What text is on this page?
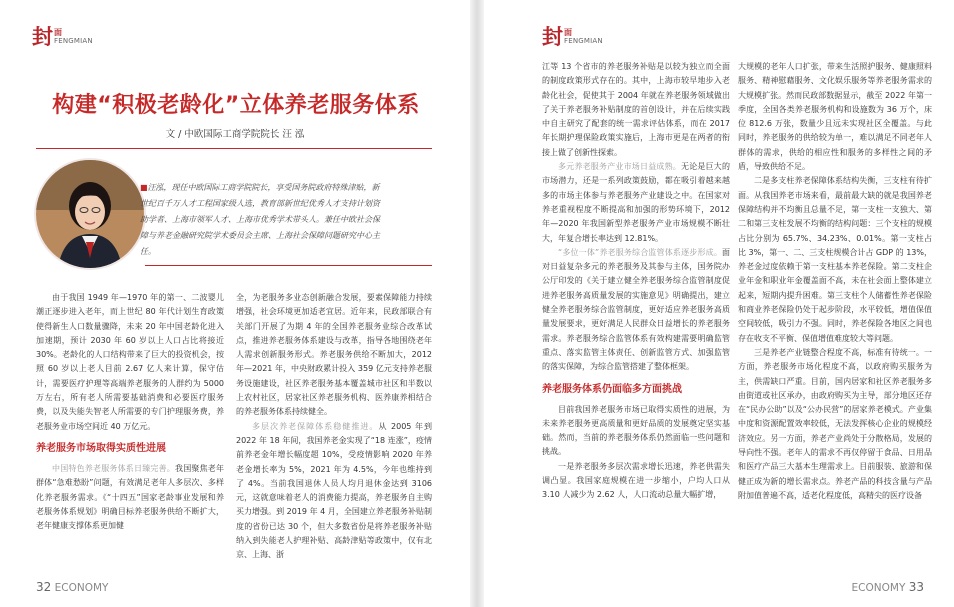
封 面
FENGMIAN
构建“积极老龄化”立体养老服务体系
文 / 中欧国际工商学院院长 汪 泓
■汪泓，现任中欧国际工商学院院长，享受国务院政府特殊津贴，新世纪百千万人才工程国家级人选，教育部新世纪优秀人才支持计划资助学者、上海市领军人才、上海市优秀学术带头人。兼任中欧社会保障与养老金融研究院学术委员会主席、上海社会保障问题研究中心主任。

由于我国 1949 年—1970 年的第一、二波婴儿潮正逐步进入老年，而上世纪 80 年代计划生育政策使得新生人口数量骤降，未来 20 年中国老龄化进入加速期，预计 2030 年 60 岁以上人口占比将接近 30%。老龄化的人口结构带来了巨大的投资机会，按照 60 岁以上老人目前 2.67 亿人来计算，保守估计，需要医疗护理等高端养老服务的人群约为 5000 万左右，所有老人所需要基础消费和必要医疗服务费，以及失能失智老人所需要的专门护理服务费，养老服务业市场空间近 40 万亿元。

养老服务市场取得实质性进展

中国特色养老服务体系日臻完善。我国聚焦老年群体“急难愁盼”问题，有效满足老年人多层次、多样化养老服务需求。《“十四五”国家老龄事业发展和养老服务体系规划》明确目标养老服务供给不断扩大，老年健康支撑体系更加健

全，为老服务多业态创新融合发展，要素保障能力持续增强，社会环境更加适老宜居。近年来，民政部联合有关部门开展了为期 4 年的全国养老服务业综合改革试点，推进养老服务体系建设与改革，指导各地围绕老年人需求创新服务形式。养老服务供给不断加大，2012 年—2021 年，中央财政累计投入 359 亿元支持养老服务设施建设，社区养老服务基本覆盖城市社区和半数以上农村社区，居家社区养老服务机构、医养康养相结合的养老服务体系持续健全。

多层次养老保障体系稳健推进。从 2005 年到 2022 年 18 年间，我国养老金实现了“18 连涨”，疫情前养老金年增长幅度超 10%，受疫情影响 2020 年养老金增长率为 5%，2021 年为 4.5%，今年也维持到了 4%。当前我国退休人员人均月退休金达到 3106 元，这就意味着老人的消费能力提高，养老服务自主购买力增强。到 2019 年 4 月，全国建立养老服务补贴制度的省份已达 30 个，但大多数省份是将养老服务补贴纳入到失能老人护理补贴、高龄津贴等政策中，仅有北京、上海、浙

32 ECONOMY
封 面
FENGMIAN

江等 13 个省市的养老服务补贴是以较为独立而全面的制度政策形式存在的。其中，上海市较早地步入老龄化社会，促使其于 2004 年就在养老服务领域做出了关于养老服务补贴制度的首创设计，并在后续实践中自主研究了配套的统一需求评估体系，而在 2017 年长期护理保险政策实施后，上海市更是在两者的衔接上做了创新性探索。

多元养老服务产业市场日益成熟。无论是巨大的市场潜力，还是一系列政策鼓励，都在吸引着越来越多的市场主体参与养老服务产业建设之中。在国家对养老重视程度不断提高和加强的形势环境下，2012 年—2020 年我国新型养老服务产业市场规模不断壮大，年复合增长率达到 12.81%。

“多位一体”养老服务综合监管体系逐步形成。面对日益复杂多元的养老服务及其参与主体，国务院办公厅印发的《关于建立健全养老服务综合监管制度促进养老服务高质量发展的实施意见》明确提出，建立健全养老服务综合监管制度，更好适应养老服务高质量发展要求，更好满足人民群众日益增长的养老服务需求。养老服务综合监管体系有效构建需要明确监管重点、落实监管主体责任、创新监管方式、加强监管的落实保障，为综合监管搭建了整体框架。

养老服务体系仍面临多方面挑战

目前我国养老服务市场已取得实质性的进展，为未来养老服务更高质量和更好品质的发展奠定坚实基础。然而，当前的养老服务体系仍然面临一些问题和挑战。

一是养老服务多层次需求增长迅速，养老供需失调凸显。我国家庭规模在进一步缩小，户均人口从 3.10 人减少为 2.62 人，人口流动总量大幅扩增，

大规模的老年人口扩张，带来生活照护服务、健康照料服务、精神慰藉服务、文化娱乐服务等养老服务需求的大规模扩张。然而民政部数据显示，截至 2022 年第一季度，全国各类养老服务机构和设施数为 36 万个，床位 812.6 万张，数量少且远未实现社区全覆盖。与此同时，养老服务的供给较为单一，难以满足不同老年人群体的需求，供给的相应性和服务的多样性之间的矛盾，导致供给不足。

二是多支柱养老保障体系结构失衡，三支柱有待扩面。从我国养老市场来看，最前最大缺的就是我国养老保障结构并不均衡且总量不足，第一支柱一支独大、第二和第三支柱发展不均衡的结构问题：三个支柱的规模占比分别为 65.7%、34.23%、0.01%。第一支柱占比 3%，第一、二、三支柱规模合计占 GDP 的 13%，养老金过度依赖于第一支柱基本养老保险。第二支柱企业年金和职业年金覆盖面不高，未在社会面上整体建立起来，短期内提升困难。第三支柱个人储蓄性养老保险和商业养老保险仍处于起步阶段，水平较低，增值保值空间较低，吸引力不强。同时，养老保险各地区之间也存在收支不平衡、保值增值难度较大等问题。

三是养老产业链整合程度不高，标准有待统一。一方面，养老服务市场化程度不高，以政府购买服务为主，供需缺口严重。目前，国内居家和社区养老服务多由街道或社区承办，由政府购买为主导，部分地区还存在“民办公助”以及“公办民营”的居家养老模式。产业集中度和资源配置效率较低，无法发挥核心企业的规模经济效应。另一方面，养老产业尚处于分散格局，发展的导向性不强。老年人的需求不再仅停留于食品、日用品和医疗产品三大基本生理需求上。目前服装、旅游和保健正成为新的增长需求点。养老产品的科技含量与产品附加值普遍不高，适老化程度低，高精尖的医疗设备

ECONOMY 33
